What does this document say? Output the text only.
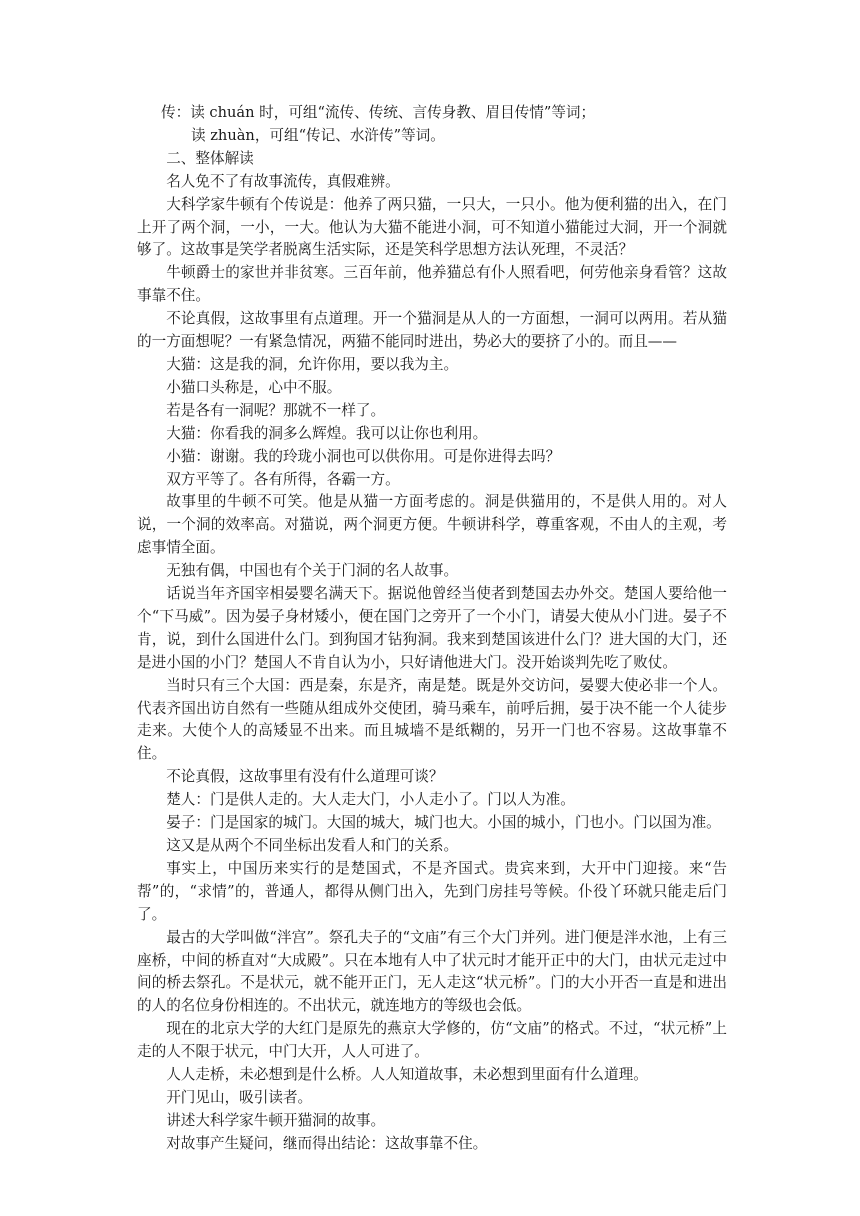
传：读 chuán 时，可组“流传、传统、言传身教、眉目传情”等词；

读 zhuàn，可组“传记、水浒传”等词。

二、整体解读

名人免不了有故事流传，真假难辨。

大科学家牛顿有个传说是：他养了两只猫，一只大，一只小。他为便利猫的出入，在门上开了两个洞，一小，一大。他认为大猫不能进小洞，可不知道小猫能过大洞，开一个洞就够了。这故事是笑学者脱离生活实际，还是笑科学思想方法认死理，不灵活？

牛顿爵士的家世并非贫寒。三百年前，他养猫总有仆人照看吧，何劳他亲身看管？这故事靠不住。

不论真假，这故事里有点道理。开一个猫洞是从人的一方面想，一洞可以两用。若从猫的一方面想呢？一有紧急情况，两猫不能同时进出，势必大的要挤了小的。而且——

大猫：这是我的洞，允许你用，要以我为主。

小猫口头称是，心中不服。

若是各有一洞呢？那就不一样了。

大猫：你看我的洞多么辉煌。我可以让你也利用。

小猫：谢谢。我的玲珑小洞也可以供你用。可是你进得去吗？

双方平等了。各有所得，各霸一方。

故事里的牛顿不可笑。他是从猫一方面考虑的。洞是供猫用的，不是供人用的。对人说，一个洞的效率高。对猫说，两个洞更方便。牛顿讲科学，尊重客观，不由人的主观，考虑事情全面。

无独有偶，中国也有个关于门洞的名人故事。

话说当年齐国宰相晏婴名满天下。据说他曾经当使者到楚国去办外交。楚国人要给他一个“下马威”。因为晏子身材矮小，便在国门之旁开了一个小门，请晏大使从小门进。晏子不肯，说，到什么国进什么门。到狗国才钻狗洞。我来到楚国该进什么门？进大国的大门，还是进小国的小门？楚国人不肯自认为小，只好请他进大门。没开始谈判先吃了败仗。

当时只有三个大国：西是秦，东是齐，南是楚。既是外交访问，晏婴大使必非一个人。代表齐国出访自然有一些随从组成外交使团，骑马乘车，前呼后拥，晏于决不能一个人徒步走来。大使个人的高矮显不出来。而且城墙不是纸糊的，另开一门也不容易。这故事靠不住。

不论真假，这故事里有没有什么道理可谈？

楚人：门是供人走的。大人走大门，小人走小了。门以人为准。

晏子：门是国家的城门。大国的城大，城门也大。小国的城小，门也小。门以国为准。

这又是从两个不同坐标出发看人和门的关系。

事实上，中国历来实行的是楚国式，不是齐国式。贵宾来到，大开中门迎接。来“告帮”的，“求情”的，普通人，都得从侧门出入，先到门房挂号等候。仆役丫环就只能走后门了。

最古的大学叫做“泮宫”。祭孔夫子的“文庙”有三个大门并列。进门便是泮水池，上有三座桥，中间的桥直对“大成殿”。只在本地有人中了状元时才能开正中的大门，由状元走过中间的桥去祭孔。不是状元，就不能开正门，无人走这“状元桥”。门的大小开否一直是和进出的人的名位身份相连的。不出状元，就连地方的等级也会低。

现在的北京大学的大红门是原先的燕京大学修的，仿“文庙”的格式。不过，“状元桥”上走的人不限于状元，中门大开，人人可进了。

人人走桥，未必想到是什么桥。人人知道故事，未必想到里面有什么道理。

开门见山，吸引读者。

讲述大科学家牛顿开猫洞的故事。

对故事产生疑问，继而得出结论：这故事靠不住。
